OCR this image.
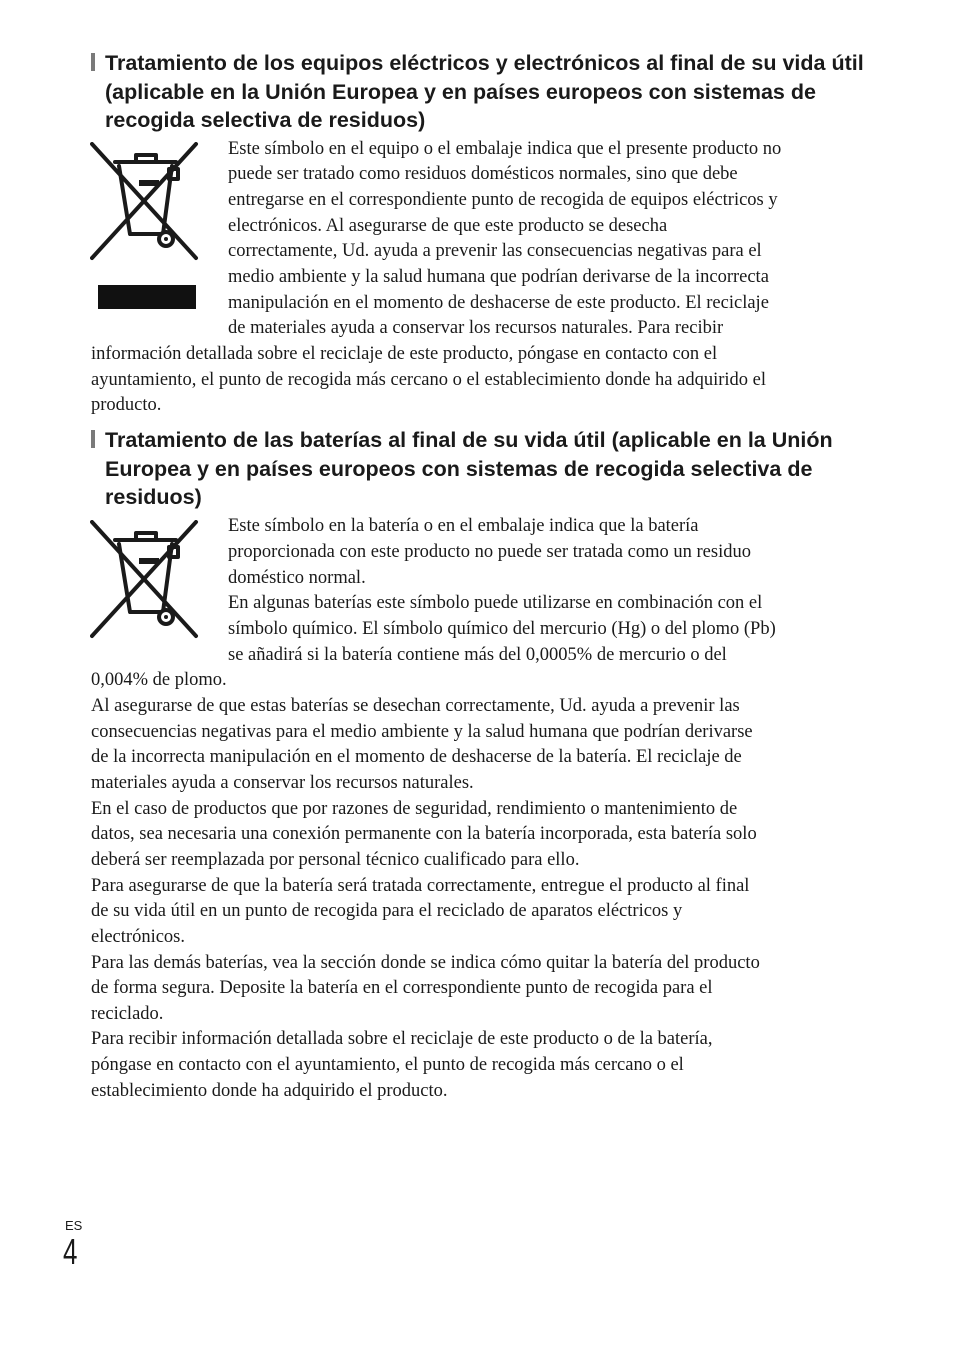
Tratamiento de los equipos eléctricos y electrónicos al final de su vida útil (aplicable en la Unión Europea y en países europeos con sistemas de recogida selectiva de residuos)
Este símbolo en el equipo o el embalaje indica que el presente producto no
puede ser tratado como residuos domésticos normales, sino que debe
entregarse en el correspondiente punto de recogida de equipos eléctricos y
electrónicos. Al asegurarse de que este producto se desecha
correctamente, Ud. ayuda a prevenir las consecuencias negativas para el
medio ambiente y la salud humana que podrían derivarse de la incorrecta
manipulación en el momento de deshacerse de este producto. El reciclaje
de materiales ayuda a conservar los recursos naturales. Para recibir
información detallada sobre el reciclaje de este producto, póngase en contacto con el
ayuntamiento, el punto de recogida más cercano o el establecimiento donde ha adquirido el
producto.
Tratamiento de las baterías al final de su vida útil (aplicable en la Unión Europea y en países europeos con sistemas de recogida selectiva de residuos)
Este símbolo en la batería o en el embalaje indica que la batería
proporcionada con este producto no puede ser tratada como un residuo
doméstico normal.
En algunas baterías este símbolo puede utilizarse en combinación con el
símbolo químico. El símbolo químico del mercurio (Hg) o del plomo (Pb)
se añadirá si la batería contiene más del 0,0005% de mercurio o del
0,004% de plomo.
Al asegurarse de que estas baterías se desechan correctamente, Ud. ayuda a prevenir las
consecuencias negativas para el medio ambiente y la salud humana que podrían derivarse
de la incorrecta manipulación en el momento de deshacerse de la batería. El reciclaje de
materiales ayuda a conservar los recursos naturales.
En el caso de productos que por razones de seguridad, rendimiento o mantenimiento de
datos, sea necesaria una conexión permanente con la batería incorporada, esta batería solo
deberá ser reemplazada por personal técnico cualificado para ello.
Para asegurarse de que la batería será tratada correctamente, entregue el producto al final
de su vida útil en un punto de recogida para el reciclado de aparatos eléctricos y
electrónicos.
Para las demás baterías, vea la sección donde se indica cómo quitar la batería del producto
de forma segura. Deposite la batería en el correspondiente punto de recogida para el
reciclado.
Para recibir información detallada sobre el reciclaje de este producto o de la batería,
póngase en contacto con el ayuntamiento, el punto de recogida más cercano o el
establecimiento donde ha adquirido el producto.
ES
4
